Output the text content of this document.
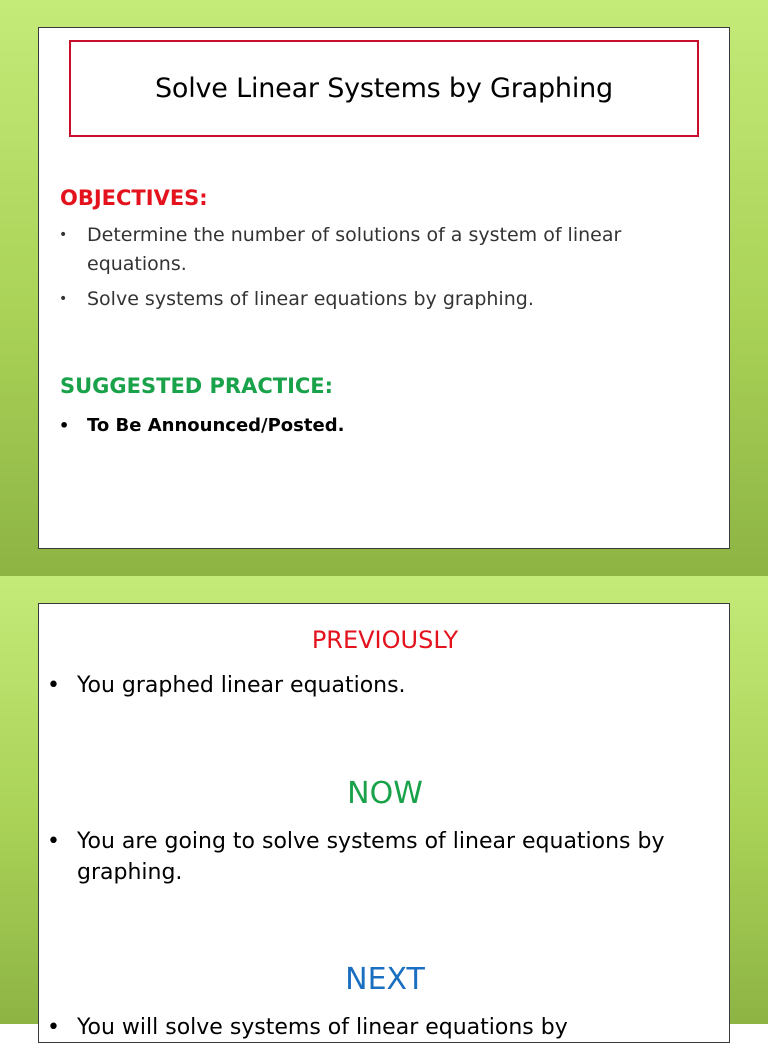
Solve Linear Systems by Graphing
OBJECTIVES:
• Determine the number of solutions of a system of linear equations.
• Solve systems of linear equations by graphing.
SUGGESTED PRACTICE:
• To Be Announced/Posted.
PREVIOUSLY
• You graphed linear equations.
NOW
• You are going to solve systems of linear equations by graphing.
NEXT
• You will solve systems of linear equations by
